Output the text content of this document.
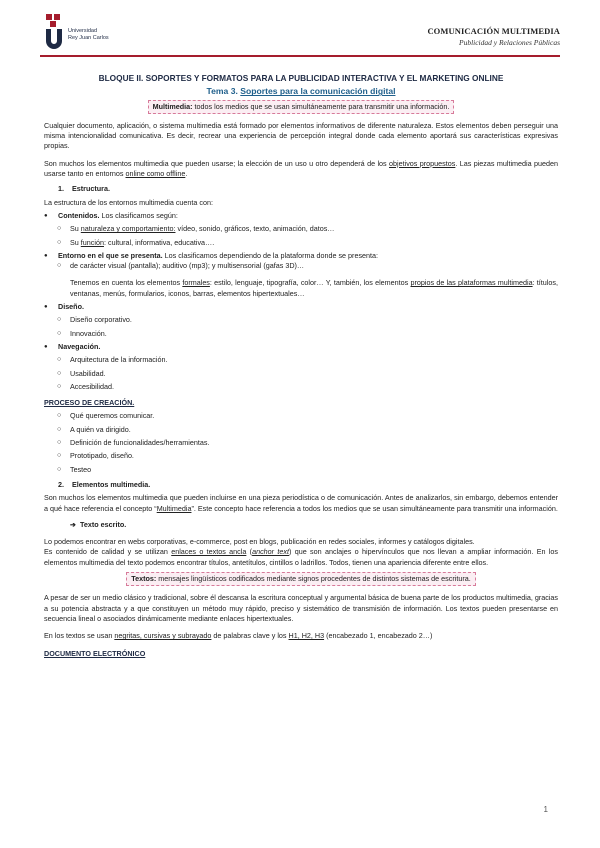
Universidad
Rey Juan Carlos
COMUNICACIÓN MULTIMEDIA
Publicidad y Relaciones Públicas
BLOQUE II. SOPORTES Y FORMATOS PARA LA PUBLICIDAD INTERACTIVA Y EL MARKETING ONLINE
Tema 3. Soportes para la comunicación digital
Multimedia: todos los medios que se usan simultáneamente para transmitir una información.

Cualquier documento, aplicación, o sistema multimedia está formado por elementos informativos de diferente naturaleza. Estos elementos deben perseguir una misma intencionalidad comunicativa. Es decir, recrear una experiencia de percepción integral donde cada elemento aportará sus características expresivas propias.

Son muchos los elementos multimedia que pueden usarse; la elección de un uso u otro dependerá de los objetivos propuestos. Las piezas multimedia pueden usarse tanto en entornos online como offline.

1. Estructura.

La estructura de los entornos multimedia cuenta con:

● Contenidos. Los clasificamos según:
○ Su naturaleza y comportamiento: vídeo, sonido, gráficos, texto, animación, datos…
○ Su función: cultural, informativa, educativa….
● Entorno en el que se presenta. Los clasificamos dependiendo de la plataforma donde se presenta:
○ de carácter visual (pantalla); auditivo (mp3); y multisensorial (gafas 3D)…

Tenemos en cuenta los elementos formales: estilo, lenguaje, tipografía, color… Y, también, los elementos propios de las plataformas multimedia: títulos, ventanas, menús, formularios, iconos, barras, elementos hipertextuales…

● Diseño.
○ Diseño corporativo.
○ Innovación.
● Navegación.
○ Arquitectura de la información.
○ Usabilidad.
○ Accesibilidad.
PROCESO DE CREACIÓN.
○ Qué queremos comunicar.
○ A quién va dirigido.
○ Definición de funcionalidades/herramientas.
○ Prototipado, diseño.
○ Testeo
2. Elementos multimedia.

Son muchos los elementos multimedia que pueden incluirse en una pieza periodística o de comunicación. Antes de analizarlos, sin embargo, debemos entender a qué hace referencia el concepto “Multimedia”. Este concepto hace referencia a todos los medios que se usan simultáneamente para transmitir una información.

➔ Texto escrito.

Lo podemos encontrar en webs corporativas, e-commerce, post en blogs, publicación en redes sociales, informes y catálogos digitales.

Es contenido de calidad y se utilizan enlaces o textos ancla (anchor text) que son anclajes o hipervínculos que nos llevan a ampliar información. En los elementos multimedia del texto podemos encontrar títulos, antetítulos, cintillos o ladrillos. Todos, tienen una apariencia diferente entre ellos.

Textos: mensajes lingüísticos codificados mediante signos procedentes de distintos sistemas de escritura.

A pesar de ser un medio clásico y tradicional, sobre él descansa la escritura conceptual y argumental básica de buena parte de los productos multimedia, gracias a su potencia abstracta y a que constituyen un método muy rápido, preciso y sistemático de transmisión de información. Los textos pueden presentarse en secuencia lineal o asociados dinámicamente mediante enlaces hipertextuales.

En los textos se usan negritas, cursivas y subrayado de palabras clave y los H1, H2, H3 (encabezado 1, encabezado 2…)

DOCUMENTO ELECTRÓNICO
1
